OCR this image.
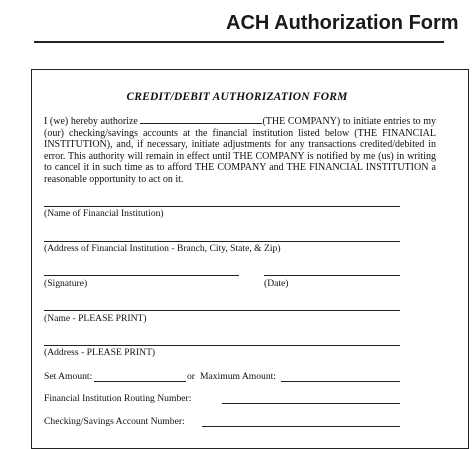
ACH Authorization Form
CREDIT/DEBIT AUTHORIZATION FORM
I (we) hereby authorize	(THE COMPANY) to initiate entries to my (our) checking/savings accounts at the financial institution listed below (THE FINANCIAL INSTITUTION), and, if necessary, initiate adjustments for any transactions credited/debited in error. This authority will remain in effect until THE COMPANY is notified by me (us) in writing to cancel it in such time as to afford THE COMPANY and THE FINANCIAL INSTITUTION a reasonable opportunity to act on it.
(Name of Financial Institution)
(Address of Financial Institution - Branch, City, State, & Zip)
(Signature)	(Date)
(Name - PLEASE PRINT)
(Address - PLEASE PRINT)
Set Amount:	or Maximum Amount:
Financial Institution Routing Number:
Checking/Savings Account Number:
